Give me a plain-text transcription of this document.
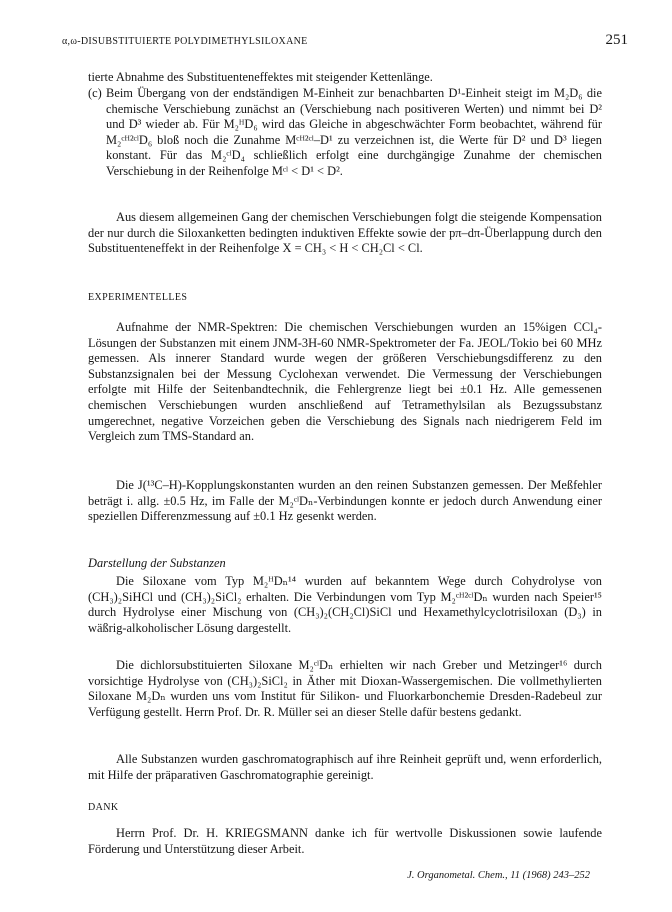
α,ω-DISUBSTITUIERTE POLYDIMETHYLSILOXANE	251

tierte Abnahme des Substituenteneffektes mit steigender Kettenlänge.

(c) Beim Übergang von der endständigen M-Einheit zur benachbarten D¹-Einheit steigt im M₂D₆ die chemische Verschiebung zunächst an (Verschiebung nach positiveren Werten) und nimmt bei D² und D³ wieder ab. Für M₂ᴴD₆ wird das Gleiche in abgeschwächter Form beobachtet, während für M₂ᶜᴴ²ᶜˡD₆ bloß noch die Zunahme Mᶜᴴ²ᶜˡ–D¹ zu verzeichnen ist, die Werte für D² und D³ liegen konstant. Für das M₂ᶜˡD₄ schließlich erfolgt eine durchgängige Zunahme der chemischen Verschiebung in der Reihenfolge Mᶜˡ < D¹ < D².

Aus diesem allgemeinen Gang der chemischen Verschiebungen folgt die steigende Kompensation der nur durch die Siloxanketten bedingten induktiven Effekte sowie der pπ–dπ-Überlappung durch den Substituenteneffekt in der Reihenfolge X = CH₃ < H < CH₂Cl < Cl.

EXPERIMENTELLES

Aufnahme der NMR-Spektren: Die chemischen Verschiebungen wurden an 15%igen CCl₄-Lösungen der Substanzen mit einem JNM-3H-60 NMR-Spektrometer der Fa. JEOL/Tokio bei 60 MHz gemessen. Als innerer Standard wurde wegen der größeren Verschiebungsdifferenz zu den Substanzsignalen bei der Messung Cyclohexan verwendet. Die Vermessung der Verschiebungen erfolgte mit Hilfe der Seitenbandtechnik, die Fehlergrenze liegt bei ±0.1 Hz. Alle gemessenen chemischen Verschiebungen wurden anschließend auf Tetramethylsilan als Bezugssubstanz umgerechnet, negative Vorzeichen geben die Verschiebung des Signals nach niedrigerem Feld im Vergleich zum TMS-Standard an.

Die J(¹³C–H)-Kopplungskonstanten wurden an den reinen Substanzen gemessen. Der Meßfehler beträgt i. allg. ±0.5 Hz, im Falle der M₂ᶜˡDₙ-Verbindungen konnte er jedoch durch Anwendung einer speziellen Differenzmessung auf ±0.1 Hz gesenkt werden.

Darstellung der Substanzen

Die Siloxane vom Typ M₂ᴴDₙ¹⁴ wurden auf bekanntem Wege durch Cohydrolyse von (CH₃)₂SiHCl und (CH₃)₂SiCl₂ erhalten. Die Verbindungen vom Typ M₂ᶜᴴ²ᶜˡDₙ wurden nach Speier¹⁵ durch Hydrolyse einer Mischung von (CH₃)₂(CH₂Cl)SiCl und Hexamethylcyclotrisiloxan (D₃) in wäßrig-alkoholischer Lösung dargestellt.

Die dichlorsubstituierten Siloxane M₂ᶜˡDₙ erhielten wir nach Greber und Metzinger¹⁶ durch vorsichtige Hydrolyse von (CH₃)₂SiCl₂ in Äther mit Dioxan-Wassergemischen. Die vollmethylierten Siloxane M₂Dₙ wurden uns vom Institut für Silikon- und Fluorkarbonchemie Dresden-Radebeul zur Verfügung gestellt. Herrn Prof. Dr. R. Müller sei an dieser Stelle dafür bestens gedankt.

Alle Substanzen wurden gaschromatographisch auf ihre Reinheit geprüft und, wenn erforderlich, mit Hilfe der präparativen Gaschromatographie gereinigt.

DANK

Herrn Prof. Dr. H. KRIEGSMANN danke ich für wertvolle Diskussionen sowie laufende Förderung und Unterstützung dieser Arbeit.

J. Organometal. Chem., 11 (1968) 243–252
